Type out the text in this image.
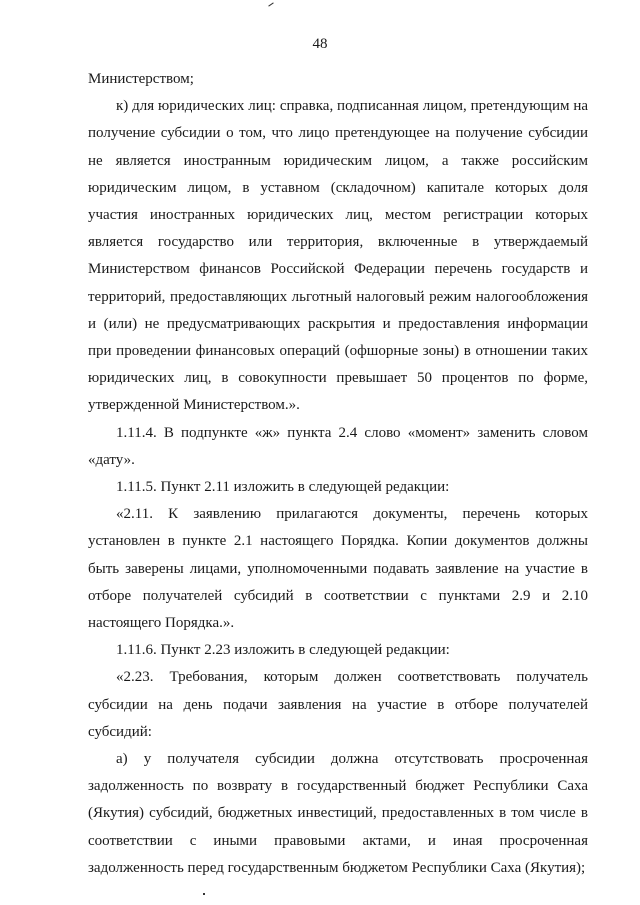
48

Министерством;

к) для юридических лиц: справка, подписанная лицом, претендующим на получение субсидии о том, что лицо претендующее на получение субсидии не является иностранным юридическим лицом, а также российским юридическим лицом, в уставном (складочном) капитале которых доля участия иностранных юридических лиц, местом регистрации которых является государство или территория, включенные в утверждаемый Министерством финансов Российской Федерации перечень государств и территорий, предоставляющих льготный налоговый режим налогообложения и (или) не предусматривающих раскрытия и предоставления информации при проведении финансовых операций (офшорные зоны) в отношении таких юридических лиц, в совокупности превышает 50 процентов по форме, утвержденной Министерством.».

1.11.4. В подпункте «ж» пункта 2.4 слово «момент» заменить словом «дату».

1.11.5. Пункт 2.11 изложить в следующей редакции:

«2.11. К заявлению прилагаются документы, перечень которых установлен в пункте 2.1 настоящего Порядка. Копии документов должны быть заверены лицами, уполномоченными подавать заявление на участие в отборе получателей субсидий в соответствии с пунктами 2.9 и 2.10 настоящего Порядка.».

1.11.6. Пункт 2.23 изложить в следующей редакции:

«2.23. Требования, которым должен соответствовать получатель субсидии на день подачи заявления на участие в отборе получателей субсидий:

а) у получателя субсидии должна отсутствовать просроченная задолженность по возврату в государственный бюджет Республики Саха (Якутия) субсидий, бюджетных инвестиций, предоставленных в том числе в соответствии с иными правовыми актами, и иная просроченная задолженность перед государственным бюджетом Республики Саха (Якутия);
